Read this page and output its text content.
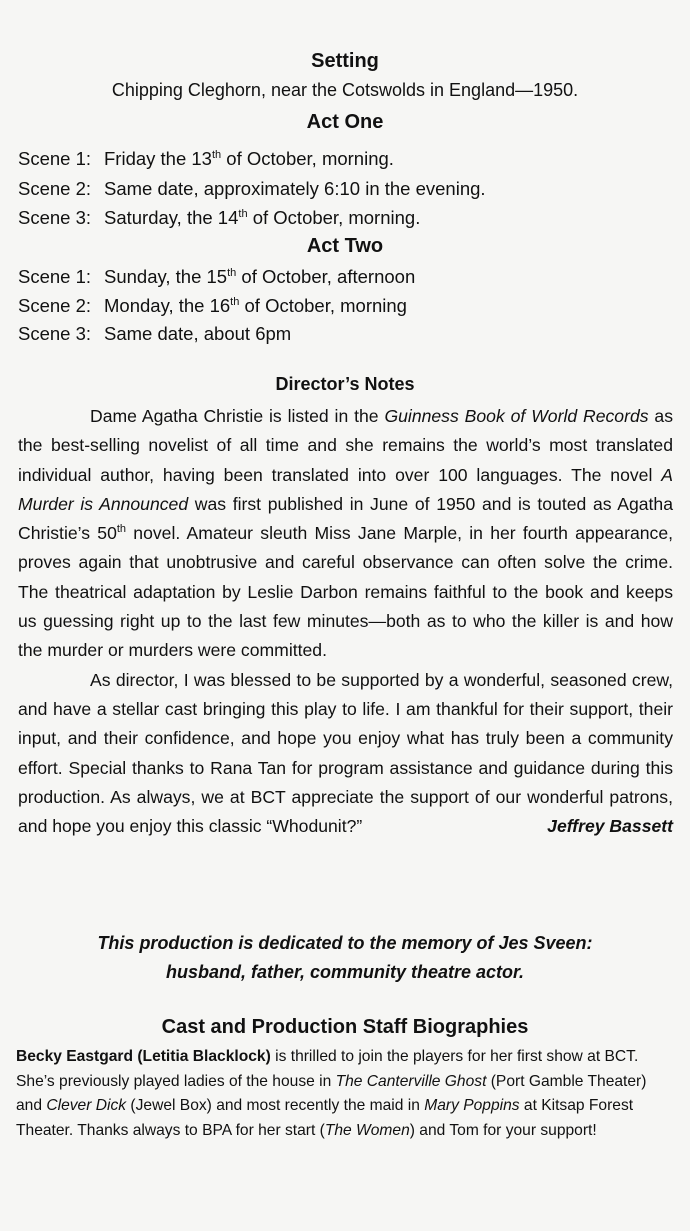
Setting
Chipping Cleghorn, near the Cotswolds in England—1950.
Act One
Scene 1: Friday the 13th of October, morning.
Scene 2: Same date, approximately 6:10 in the evening.
Scene 3: Saturday, the 14th of October, morning.
Act Two
Scene 1: Sunday, the 15th of October, afternoon
Scene 2: Monday, the 16th of October, morning
Scene 3: Same date, about 6pm
Director’s Notes

Dame Agatha Christie is listed in the Guinness Book of World Records as the best-selling novelist of all time and she remains the world’s most translated individual author, having been translated into over 100 languages. The novel A Murder is Announced was first published in June of 1950 and is touted as Agatha Christie’s 50th novel. Amateur sleuth Miss Jane Marple, in her fourth appearance, proves again that unobtrusive and careful observance can often solve the crime. The theatrical adaptation by Leslie Darbon remains faithful to the book and keeps us guessing right up to the last few minutes—both as to who the killer is and how the murder or murders were committed.

As director, I was blessed to be supported by a wonderful, seasoned crew, and have a stellar cast bringing this play to life. I am thankful for their support, their input, and their confidence, and hope you enjoy what has truly been a community effort. Special thanks to Rana Tan for program assistance and guidance during this production. As always, we at BCT appreciate the support of our wonderful patrons, and hope you enjoy this classic “Whodunit?”	Jeffrey Bassett

This production is dedicated to the memory of Jes Sveen:
husband, father, community theatre actor.
Cast and Production Staff Biographies
Becky Eastgard (Letitia Blacklock) is thrilled to join the players for her first show at BCT. She’s previously played ladies of the house in The Canterville Ghost (Port Gamble Theater) and Clever Dick (Jewel Box) and most recently the maid in Mary Poppins at Kitsap Forest Theater. Thanks always to BPA for her start (The Women) and Tom for your support!
